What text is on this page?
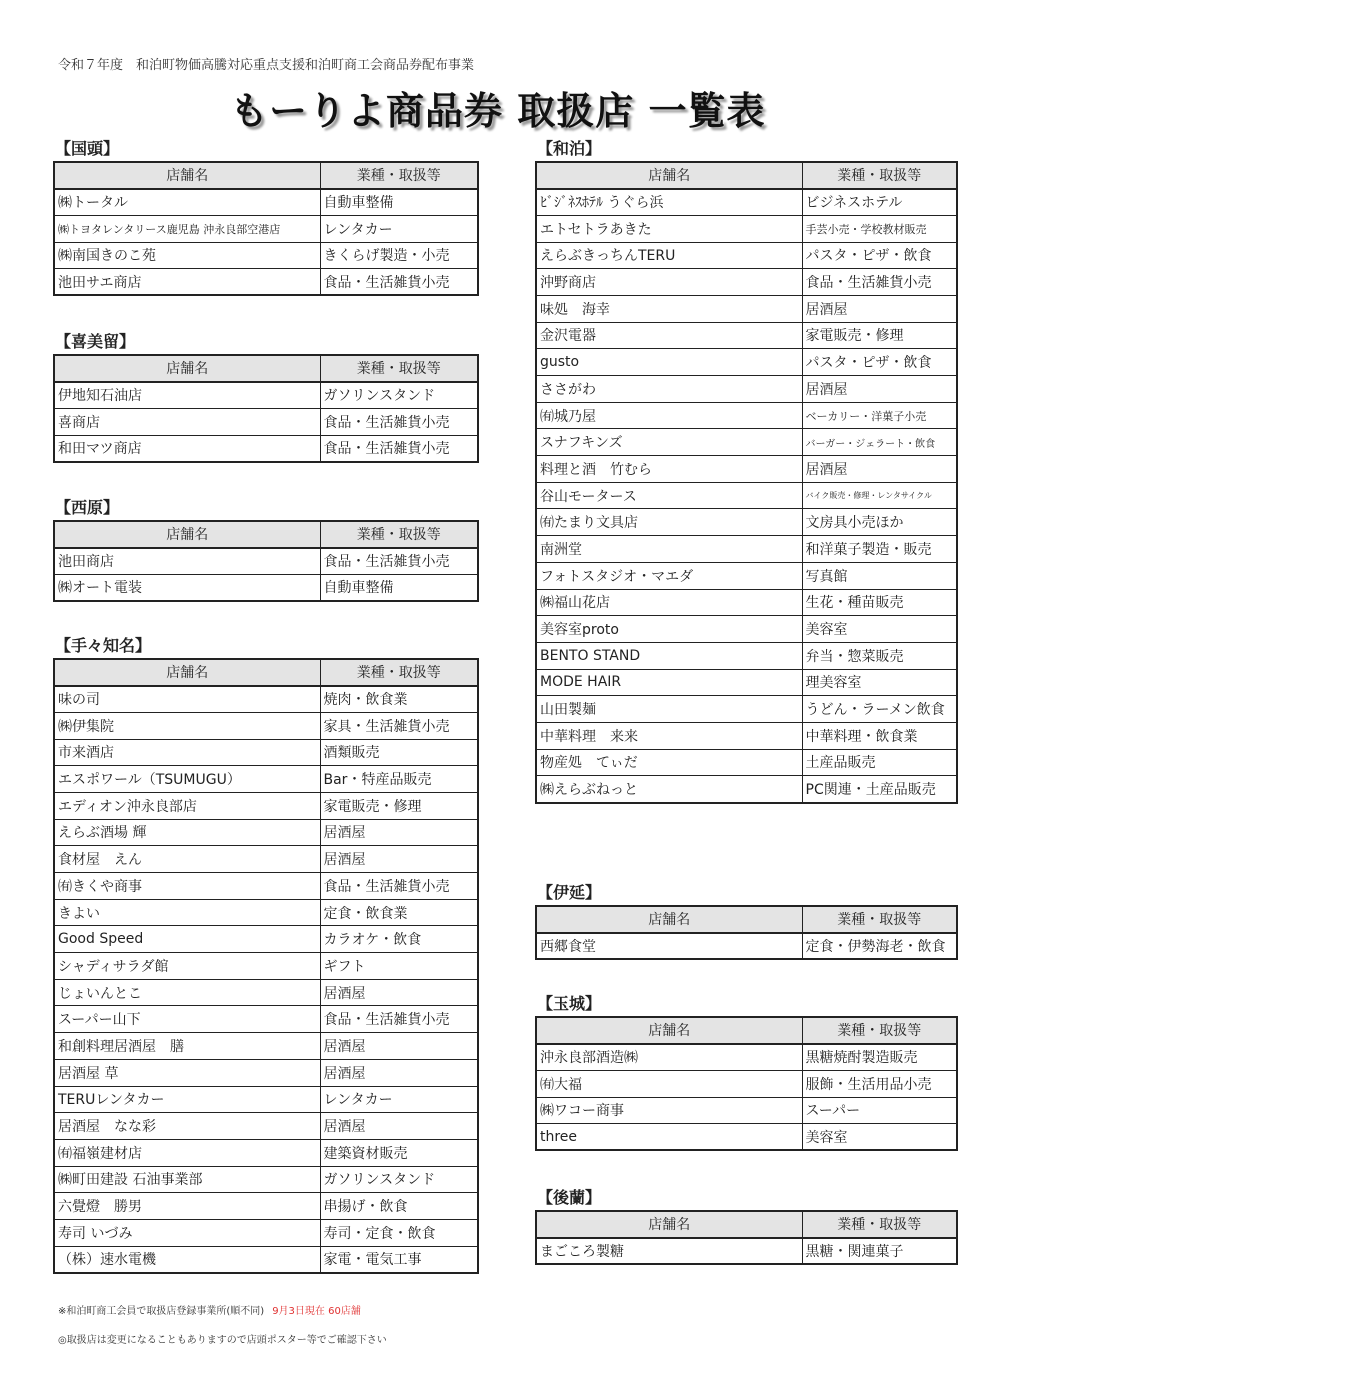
令和７年度　和泊町物価高騰対応重点支援和泊町商工会商品券配布事業
もーりよ商品券 取扱店 一覧表
【国頭】
店舗名	業種・取扱等
㈱トータル	自動車整備
㈱トヨタレンタリース鹿児島 沖永良部空港店	レンタカー
㈱南国きのこ苑	きくらげ製造・小売
池田サエ商店	食品・生活雑貨小売
【喜美留】
店舗名	業種・取扱等
伊地知石油店	ガソリンスタンド
喜商店	食品・生活雑貨小売
和田マツ商店	食品・生活雑貨小売
【西原】
店舗名	業種・取扱等
池田商店	食品・生活雑貨小売
㈱オート電装	自動車整備
【手々知名】
店舗名	業種・取扱等
味の司	焼肉・飲食業
㈱伊集院	家具・生活雑貨小売
市来酒店	酒類販売
エスポワール（TSUMUGU）	Bar・特産品販売
エディオン沖永良部店	家電販売・修理
えらぶ酒場 輝	居酒屋
食材屋　えん	居酒屋
㈲きくや商事	食品・生活雑貨小売
きよい	定食・飲食業
Good Speed	カラオケ・飲食
シャディサラダ館	ギフト
じょいんとこ	居酒屋
スーパー山下	食品・生活雑貨小売
和創料理居酒屋　膳	居酒屋
居酒屋 草	居酒屋
TERUレンタカー	レンタカー
居酒屋　なな彩	居酒屋
㈲福嶺建材店	建築資材販売
㈱町田建設 石油事業部	ガソリンスタンド
六覺燈　勝男	串揚げ・飲食
寿司 いづみ	寿司・定食・飲食
（株）速水電機	家電・電気工事
【和泊】
店舗名	業種・取扱等
ﾋﾞｼﾞﾈｽﾎﾃﾙ うぐら浜	ビジネスホテル
エトセトラあきた	手芸小売・学校教材販売
えらぶきっちんTERU	パスタ・ピザ・飲食
沖野商店	食品・生活雑貨小売
味処　海幸	居酒屋
金沢電器	家電販売・修理
gusto	パスタ・ピザ・飲食
ささがわ	居酒屋
㈲城乃屋	ベーカリー・洋菓子小売
スナフキンズ	バーガー・ジェラート・飲食
料理と酒　竹むら	居酒屋
谷山モータース	バイク販売・修理・レンタサイクル
㈲たまり文具店	文房具小売ほか
南洲堂	和洋菓子製造・販売
フォトスタジオ・マエダ	写真館
㈱福山花店	生花・種苗販売
美容室proto	美容室
BENTO STAND	弁当・惣菜販売
MODE HAIR	理美容室
山田製麺	うどん・ラーメン飲食
中華料理　来来	中華料理・飲食業
物産処　てぃだ	土産品販売
㈱えらぶねっと	PC関連・土産品販売
【伊延】
店舗名	業種・取扱等
西郷食堂	定食・伊勢海老・飲食
【玉城】
店舗名	業種・取扱等
沖永良部酒造㈱	黒糖焼酎製造販売
㈲大福	服飾・生活用品小売
㈱ワコー商事	スーパー
three	美容室
【後蘭】
店舗名	業種・取扱等
まごころ製糖	黒糖・関連菓子
※和泊町商工会員で取扱店登録事業所(順不同) 9月3日現在 60店舗
◎取扱店は変更になることもありますので店頭ポスター等でご確認下さい
